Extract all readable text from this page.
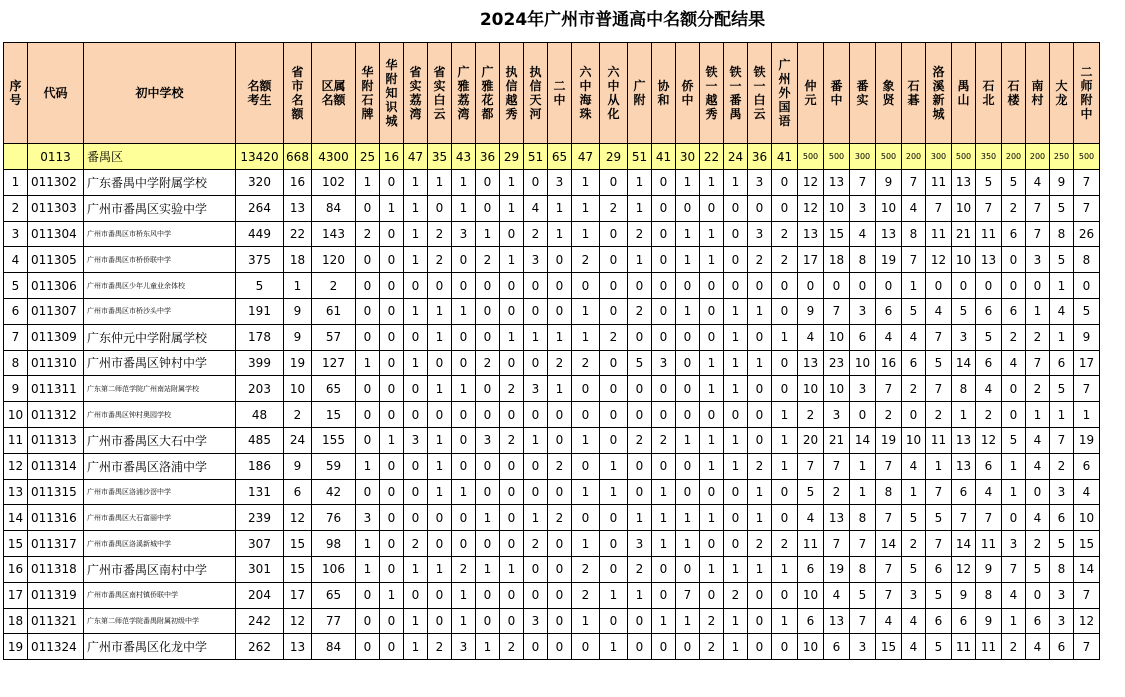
2024年广州市普通高中名额分配结果
序号	代码	初中学校	名额考生	省市名额	区属名额	华附石牌	华附知识城	省实荔湾	省实白云	广雅荔湾	广雅花都	执信越秀	执信天河	二中	六中海珠	六中从化	广附	协和	侨中	铁一越秀	铁一番禺	铁一白云	广州外国语	仲元	番中	番实	象贤	石碁	洛溪新城	禺山	石北	石楼	南村	大龙	二师附中
	0113	番禺区	13420	668	4300	25	16	47	35	43	36	29	51	65	47	29	51	41	30	22	24	36	41	500	500	300	500	200	300	500	350	200	200	250	500
1	011302	广东番禺中学附属学校	320	16	102	1	0	1	1	1	0	1	0	3	1	0	1	0	1	1	1	3	0	12	13	7	9	7	11	13	5	5	4	9	7
2	011303	广州市番禺区实验中学	264	13	84	0	1	1	0	1	0	1	4	1	1	2	1	0	0	0	0	0	0	12	10	3	10	4	7	10	7	2	7	5	7
3	011304	广州市番禺区市桥东风中学	449	22	143	2	0	1	2	3	1	0	2	1	1	0	2	0	1	1	0	3	2	13	15	4	13	8	11	21	11	6	7	8	26
4	011305	广州市番禺区市桥侨联中学	375	18	120	0	0	1	2	0	2	1	3	0	2	0	1	0	1	1	0	2	2	17	18	8	19	7	12	10	13	0	3	5	8
5	011306	广州市番禺区少年儿童业余体校	5	1	2	0	0	0	0	0	0	0	0	0	0	0	0	0	0	0	0	0	0	0	0	0	0	1	0	0	0	0	0	1	0
6	011307	广州市番禺区市桥沙头中学	191	9	61	0	0	1	1	1	0	0	0	0	1	0	2	0	1	0	1	1	0	9	7	3	6	5	4	5	6	6	1	4	5
7	011309	广东仲元中学附属学校	178	9	57	0	0	0	1	0	0	1	1	1	1	2	0	0	0	0	1	0	1	4	10	6	4	4	7	3	5	2	2	1	9
8	011310	广州市番禺区钟村中学	399	19	127	1	0	1	0	0	2	0	0	2	2	0	5	3	0	1	1	1	0	13	23	10	16	6	5	14	6	4	7	6	17
9	011311	广东第二师范学院广州南站附属学校	203	10	65	0	0	0	1	1	0	2	3	1	0	0	0	0	0	1	1	0	0	10	10	3	7	2	7	8	4	0	2	5	7
10	011312	广州市番禺区钟村奥园学校	48	2	15	0	0	0	0	0	0	0	0	0	0	0	0	0	0	0	0	0	1	2	3	0	2	0	2	1	2	0	1	1	1
11	011313	广州市番禺区大石中学	485	24	155	0	1	3	1	0	3	2	1	0	1	0	2	2	1	1	1	0	1	20	21	14	19	10	11	13	12	5	4	7	19
12	011314	广州市番禺区洛浦中学	186	9	59	1	0	0	1	0	0	0	0	2	0	1	0	0	0	1	1	2	1	7	7	1	7	4	1	13	6	1	4	2	6
13	011315	广州市番禺区洛浦沙滘中学	131	6	42	0	0	0	1	1	0	0	0	0	1	1	0	1	0	0	0	1	0	5	2	1	8	1	7	6	4	1	0	3	4
14	011316	广州市番禺区大石富丽中学	239	12	76	3	0	0	0	0	1	0	1	2	0	0	1	1	1	1	0	1	0	4	13	8	7	5	5	7	7	0	4	6	10
15	011317	广州市番禺区洛溪新城中学	307	15	98	1	0	2	0	0	0	0	2	0	1	0	3	1	1	0	0	2	2	11	7	7	14	2	7	14	11	3	2	5	15
16	011318	广州市番禺区南村中学	301	15	106	1	0	1	1	2	1	1	0	0	2	0	2	0	0	1	1	1	1	6	19	8	7	5	6	12	9	7	5	8	14
17	011319	广州市番禺区南村镇侨联中学	204	17	65	0	1	0	0	1	0	0	0	0	2	1	1	0	7	0	2	0	0	10	4	5	7	3	5	9	8	4	0	3	7
18	011321	广东第二师范学院番禺附属初级中学	242	12	77	0	0	1	0	1	0	0	3	0	1	0	0	1	1	2	1	0	1	6	13	7	4	4	6	6	9	1	6	3	12
19	011324	广州市番禺区化龙中学	262	13	84	0	0	1	2	3	1	2	0	0	0	1	0	0	0	2	1	0	0	10	6	3	15	4	5	11	11	2	4	6	7
